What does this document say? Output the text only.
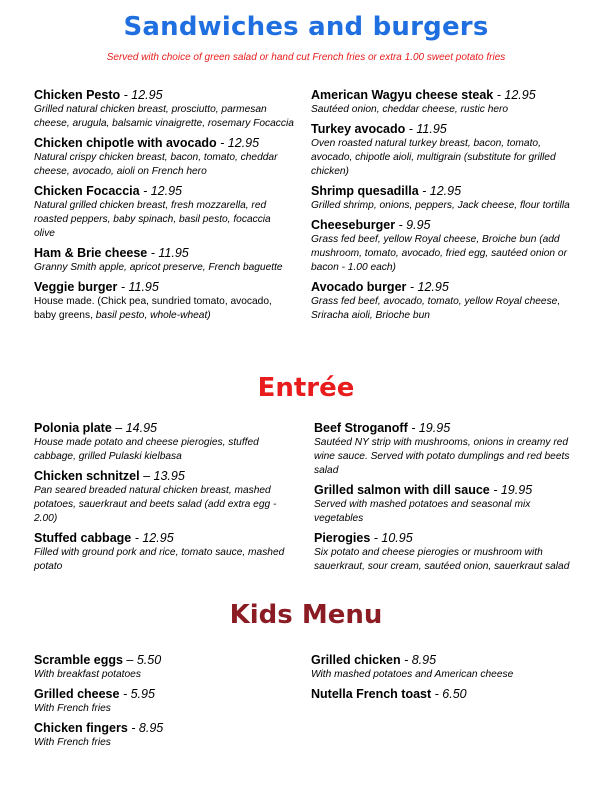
Sandwiches and burgers
Served with choice of green salad or hand cut French fries or extra 1.00 sweet potato fries
Chicken Pesto - 12.95
Grilled natural chicken breast, prosciutto, parmesan cheese, arugula, balsamic vinaigrette, rosemary Focaccia
Chicken chipotle with avocado - 12.95
Natural crispy chicken breast, bacon, tomato, cheddar cheese, avocado, aioli on French hero
Chicken Focaccia - 12.95
Natural grilled chicken breast, fresh mozzarella, red roasted peppers, baby spinach, basil pesto, focaccia olive
Ham & Brie cheese - 11.95
Granny Smith apple, apricot preserve, French baguette
Veggie burger - 11.95
House made. (Chick pea, sundried tomato, avocado, baby greens, basil pesto, whole-wheat)
American Wagyu cheese steak - 12.95
Sautéed onion, cheddar cheese, rustic hero
Turkey avocado - 11.95
Oven roasted natural turkey breast, bacon, tomato, avocado, chipotle aioli, multigrain (substitute for grilled chicken)
Shrimp quesadilla - 12.95
Grilled shrimp, onions, peppers, Jack cheese, flour tortilla
Cheeseburger - 9.95
Grass fed beef, yellow Royal cheese, Broiche bun (add mushroom, tomato, avocado, fried egg, sautéed onion or bacon - 1.00 each)
Avocado burger - 12.95
Grass fed beef, avocado, tomato, yellow Royal cheese, Sriracha aioli, Brioche bun
Entrée
Polonia plate – 14.95
House made potato and cheese pierogies, stuffed cabbage, grilled Pulaski kielbasa
Chicken schnitzel – 13.95
Pan seared breaded natural chicken breast, mashed potatoes, sauerkraut and beets salad (add extra egg - 2.00)
Stuffed cabbage - 12.95
Filled with ground pork and rice, tomato sauce, mashed potato
Beef Stroganoff - 19.95
Sautéed NY strip with mushrooms, onions in creamy red wine sauce. Served with potato dumplings and red beets salad
Grilled salmon with dill sauce - 19.95
Served with mashed potatoes and seasonal mix vegetables
Pierogies - 10.95
Six potato and cheese pierogies or mushroom with sauerkraut, sour cream, sautéed onion, sauerkraut salad
Kids Menu
Scramble eggs – 5.50
With breakfast potatoes
Grilled cheese - 5.95
With French fries
Chicken fingers - 8.95
With French fries
Grilled chicken - 8.95
With mashed potatoes and American cheese
Nutella French toast - 6.50
